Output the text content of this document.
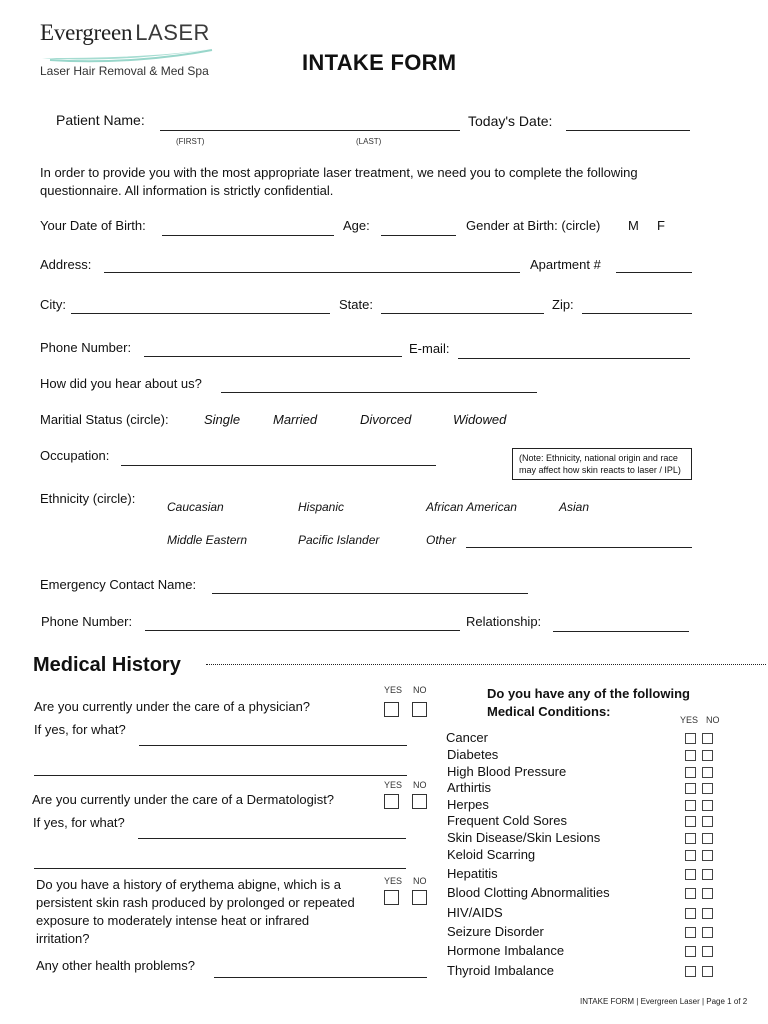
Evergreen LASER
Laser Hair Removal & Med Spa	INTAKE FORM
Patient Name:
(FIRST)	(LAST)
Today's Date:
In order to provide you with the most appropriate laser treatment, we need you to complete the following
questionnaire. All information is strictly confidential.
Your Date of Birth:	Age:	Gender at Birth: (circle) M F
Address:	Apartment #
City:	State:	Zip:
Phone Number:	E-mail:
How did you hear about us?
Maritial Status (circle):	Single	Married	Divorced	Widowed
Occupation:	(Note: Ethnicity, national origin and race
may affect how skin reacts to laser / IPL)
Ethnicity (circle):
Caucasian	Hispanic	African American	Asian
Middle Eastern	Pacific Islander	Other
Emergency Contact Name:
Phone Number:	Relationship:
Medical History
YES NO
Are you currently under the care of a physician?
If yes, for what?
YES NO
Are you currently under the care of a Dermatologist?
If yes, for what?
YES NO
Do you have a history of erythema abigne, which is a
persistent skin rash produced by prolonged or repeated
exposure to moderately intense heat or infrared
irritation?
Any other health problems?
Do you have any of the following
Medical Conditions:
YES NO
Cancer
Diabetes
High Blood Pressure
Arthirtis
Herpes
Frequent Cold Sores
Skin Disease/Skin Lesions
Keloid Scarring
Hepatitis
Blood Clotting Abnormalities
HIV/AIDS
Seizure Disorder
Hormone Imbalance
Thyroid Imbalance
INTAKE FORM | Evergreen Laser | Page 1 of 2
